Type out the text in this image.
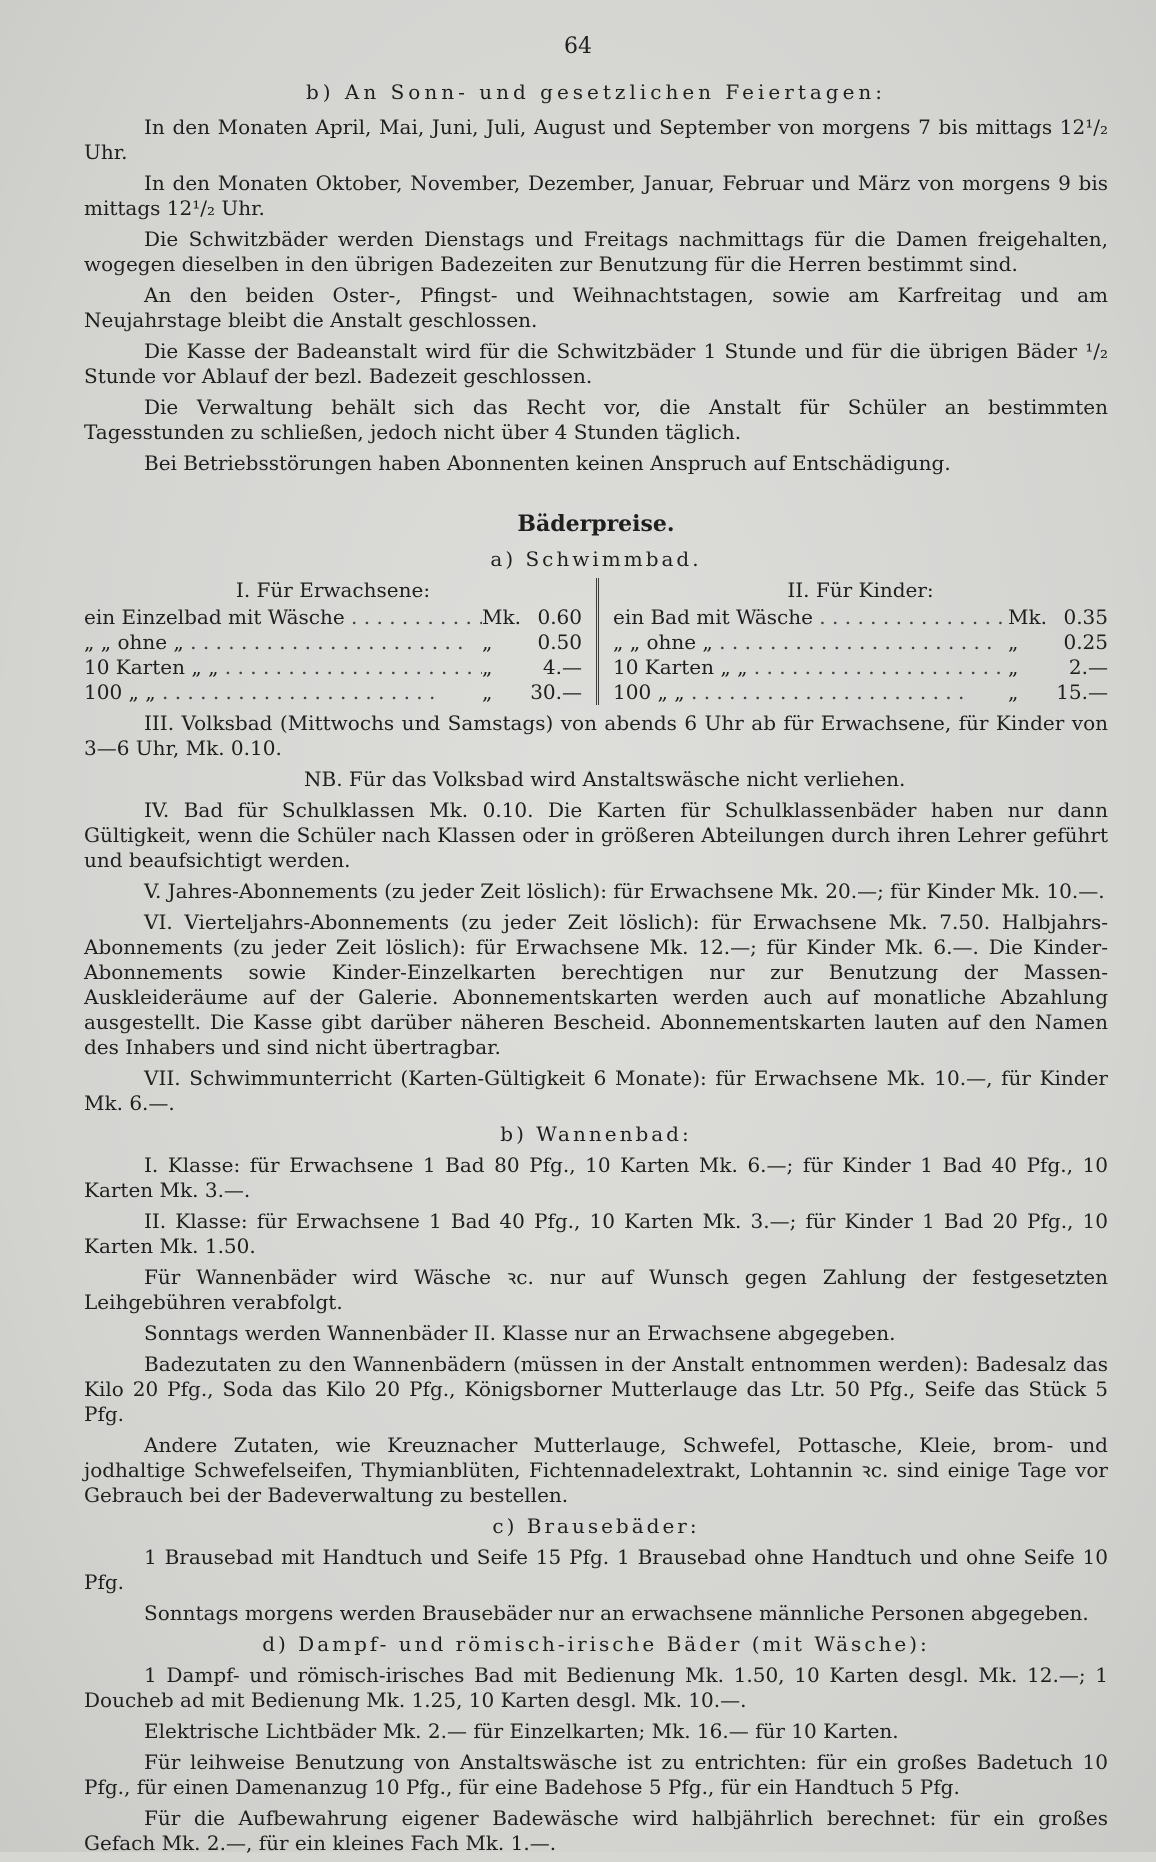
64
b) An Sonn- und gesetzlichen Feiertagen:

In den Monaten April, Mai, Juni, Juli, August und September von morgens 7 bis mittags 12¹/₂ Uhr.

In den Monaten Oktober, November, Dezember, Januar, Februar und März von morgens 9 bis mittags 12¹/₂ Uhr.

Die Schwitzbäder werden Dienstags und Freitags nachmittags für die Damen freigehalten, wogegen dieselben in den übrigen Badezeiten zur Benutzung für die Herren bestimmt sind.

An den beiden Oster-, Pfingst- und Weihnachtstagen, sowie am Karfreitag und am Neujahrstage bleibt die Anstalt geschlossen.

Die Kasse der Badeanstalt wird für die Schwitzbäder 1 Stunde und für die übrigen Bäder ¹/₂ Stunde vor Ablauf der bezl. Badezeit geschlossen.

Die Verwaltung behält sich das Recht vor, die Anstalt für Schüler an bestimmten Tagesstunden zu schließen, jedoch nicht über 4 Stunden täglich.

Bei Betriebsstörungen haben Abonnenten keinen Anspruch auf Entschädigung.

Bäderpreise.
a) Schwimmbad.
I. Für Erwachsene:
ein Einzelbad mit Wäsche . . .	Mk. 0.60
„ „ ohne „ . . .	„	0.50
10 Karten „ „ . . .	„	4.—
100 „ „ . . .	„	30.—
II. Für Kinder:
ein Bad mit Wäsche . . .	Mk. 0.35
„ „ ohne „ . . .	„	0.25
10 Karten „ „ . . .	„	2.—
100 „ „ . . .	„	15.—

III. Volksbad (Mittwochs und Samstags) von abends 6 Uhr ab für Erwachsene, für Kinder von 3—6 Uhr, Mk. 0.10.

NB. Für das Volksbad wird Anstaltswäsche nicht verliehen.

IV. Bad für Schulklassen Mk. 0.10. Die Karten für Schulklassenbäder haben nur dann Gültigkeit, wenn die Schüler nach Klassen oder in größeren Abteilungen durch ihren Lehrer geführt und beaufsichtigt werden.

V. Jahres-Abonnements (zu jeder Zeit löslich): für Erwachsene Mk. 20.—; für Kinder Mk. 10.—.

VI. Vierteljahrs-Abonnements (zu jeder Zeit löslich): für Erwachsene Mk. 7.50. Halbjahrs-Abonnements (zu jeder Zeit löslich): für Erwachsene Mk. 12.—; für Kinder Mk. 6.—. Die Kinder-Abonnements sowie Kinder-Einzelkarten berechtigen nur zur Benutzung der Massen-Auskleideräume auf der Galerie. Abonnementskarten werden auch auf monatliche Abzahlung ausgestellt. Die Kasse gibt darüber näheren Bescheid. Abonnementskarten lauten auf den Namen des Inhabers und sind nicht übertragbar.

VII. Schwimmunterricht (Karten-Gültigkeit 6 Monate): für Erwachsene Mk. 10.—, für Kinder Mk. 6.—.

b) Wannenbad:

I. Klasse: für Erwachsene 1 Bad 80 Pfg., 10 Karten Mk. 6.—; für Kinder 1 Bad 40 Pfg., 10 Karten Mk. 3.—.

II. Klasse: für Erwachsene 1 Bad 40 Pfg., 10 Karten Mk. 3.—; für Kinder 1 Bad 20 Pfg., 10 Karten Mk. 1.50.

Für Wannenbäder wird Wäsche ꝛc. nur auf Wunsch gegen Zahlung der festgesetzten Leihgebühren verabfolgt.

Sonntags werden Wannenbäder II. Klasse nur an Erwachsene abgegeben.

Badezutaten zu den Wannenbädern (müssen in der Anstalt entnommen werden): Badesalz das Kilo 20 Pfg., Soda das Kilo 20 Pfg., Königsborner Mutterlauge das Ltr. 50 Pfg., Seife das Stück 5 Pfg.

Andere Zutaten, wie Kreuznacher Mutterlauge, Schwefel, Pottasche, Kleie, brom- und jodhaltige Schwefelseifen, Thymianblüten, Fichtennadelextrakt, Lohtannin ꝛc. sind einige Tage vor Gebrauch bei der Badeverwaltung zu bestellen.

c) Brausebäder:

1 Brausebad mit Handtuch und Seife 15 Pfg. 1 Brausebad ohne Handtuch und ohne Seife 10 Pfg.

Sonntags morgens werden Brausebäder nur an erwachsene männliche Personen abgegeben.

d) Dampf- und römisch-irische Bäder (mit Wäsche):

1 Dampf- und römisch-irisches Bad mit Bedienung Mk. 1.50, 10 Karten desgl. Mk. 12.—; 1 Doucheb ad mit Bedienung Mk. 1.25, 10 Karten desgl. Mk. 10.—.

Elektrische Lichtbäder Mk. 2.— für Einzelkarten; Mk. 16.— für 10 Karten.

Für leihweise Benutzung von Anstaltswäsche ist zu entrichten: für ein großes Badetuch 10 Pfg., für einen Damenanzug 10 Pfg., für eine Badehose 5 Pfg., für ein Handtuch 5 Pfg.

Für die Aufbewahrung eigener Badewäsche wird halbjährlich berechnet: für ein großes Gefach Mk. 2.—, für ein kleines Fach Mk. 1.—.
